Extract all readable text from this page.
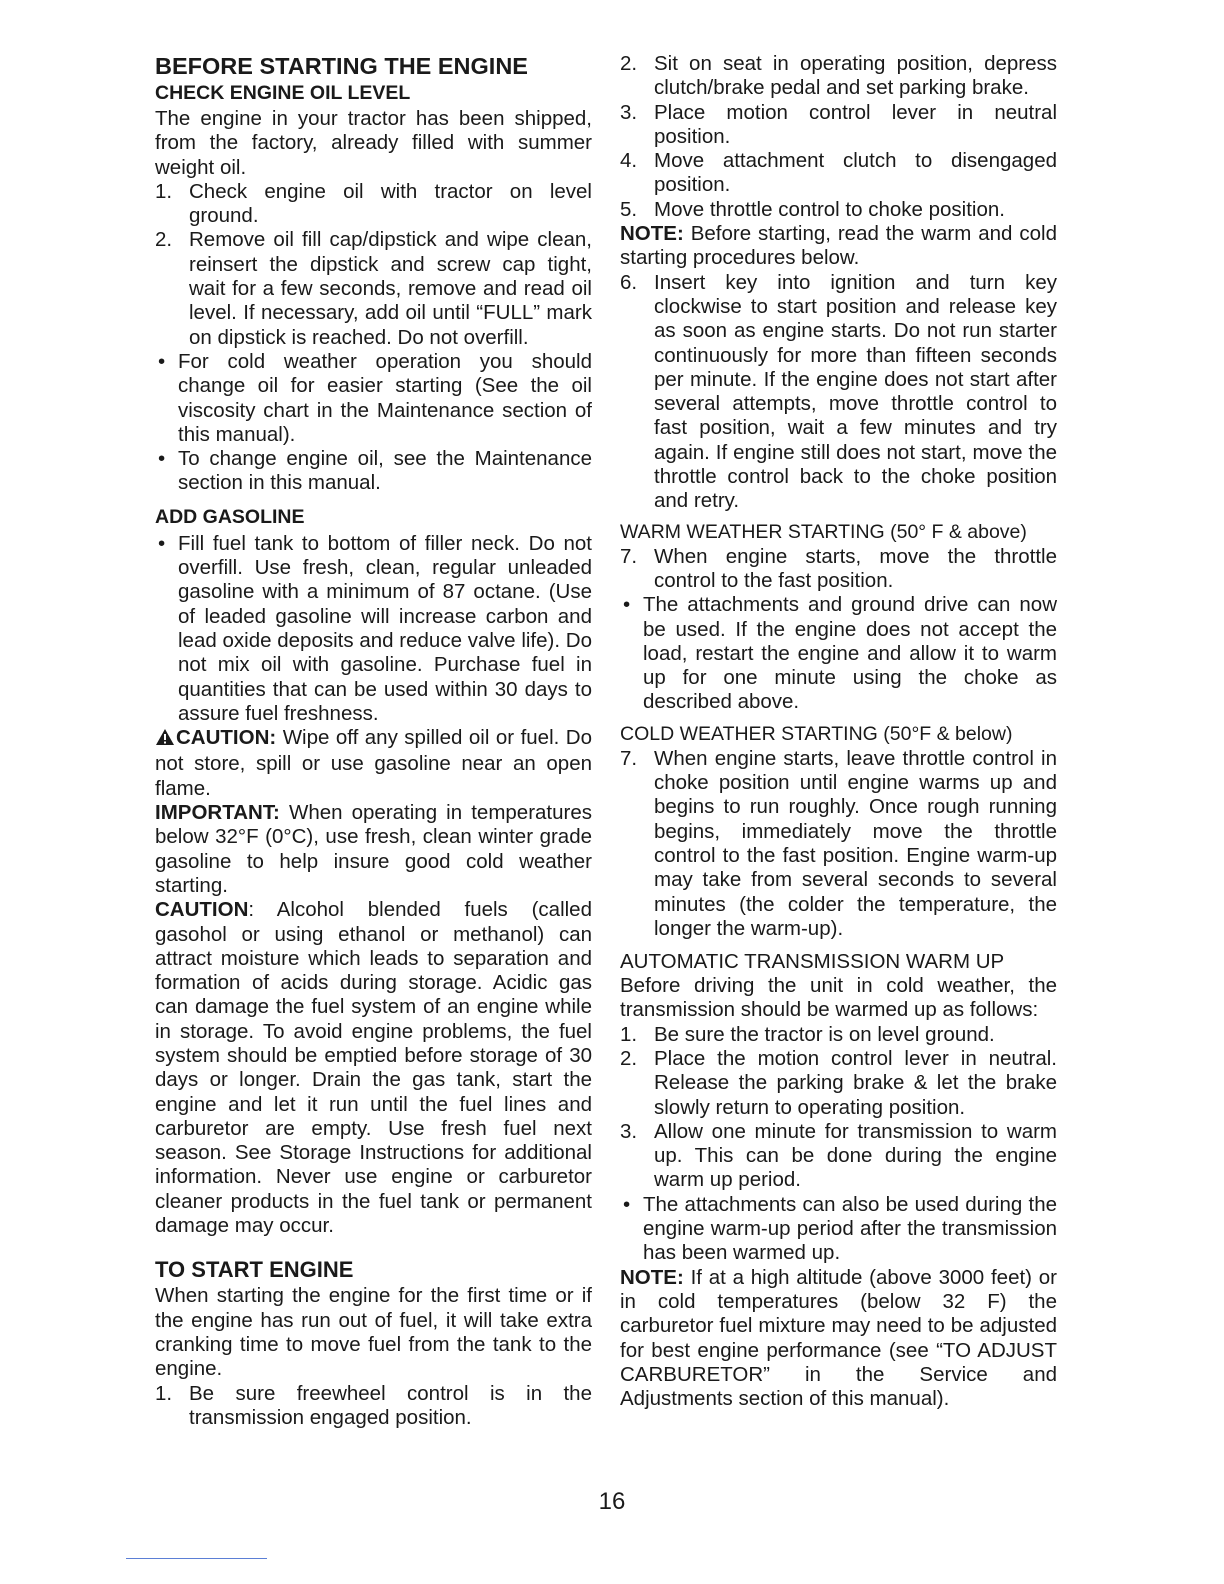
BEFORE STARTING THE ENGINE
CHECK ENGINE OIL LEVEL
The engine in your tractor has been shipped, from the factory, already filled with summer weight oil.
1. Check engine oil with tractor on level ground.
2. Remove oil fill cap/dipstick and wipe clean, reinsert the dipstick and screw cap tight, wait for a few seconds, remove and read oil level. If necessary, add oil until “FULL” mark on dipstick is reached. Do not overfill.
• For cold weather operation you should change oil for easier starting (See the oil viscosity chart in the Maintenance section of this manual).
• To change engine oil, see the Maintenance section in this manual.
ADD GASOLINE
• Fill fuel tank to bottom of filler neck. Do not overfill. Use fresh, clean, regular unleaded gasoline with a minimum of 87 octane. (Use of leaded gasoline will increase carbon and lead oxide deposits and reduce valve life). Do not mix oil with gasoline. Purchase fuel in quantities that can be used within 30 days to assure fuel freshness.
CAUTION: Wipe off any spilled oil or fuel. Do not store, spill or use gasoline near an open flame.
IMPORTANT: When operating in temperatures below 32°F (0°C), use fresh, clean winter grade gasoline to help insure good cold weather starting.
CAUTION: Alcohol blended fuels (called gasohol or using ethanol or methanol) can attract moisture which leads to separation and formation of acids during storage. Acidic gas can damage the fuel system of an engine while in storage. To avoid engine problems, the fuel system should be emptied before storage of 30 days or longer. Drain the gas tank, start the engine and let it run until the fuel lines and carburetor are empty. Use fresh fuel next season. See Storage Instructions for additional information. Never use engine or carburetor cleaner products in the fuel tank or permanent damage may occur.
TO START ENGINE
When starting the engine for the first time or if the engine has run out of fuel, it will take extra cranking time to move fuel from the tank to the engine.
1. Be sure freewheel control is in the transmission engaged position.
2. Sit on seat in operating position, depress clutch/brake pedal and set parking brake.
3. Place motion control lever in neutral position.
4. Move attachment clutch to disengaged position.
5. Move throttle control to choke position.
NOTE: Before starting, read the warm and cold starting procedures below.
6. Insert key into ignition and turn key clockwise to start position and release key as soon as engine starts. Do not run starter continuously for more than fifteen seconds per minute. If the engine does not start after several attempts, move throttle control to fast position, wait a few minutes and try again. If engine still does not start, move the throttle control back to the choke position and retry.
WARM WEATHER STARTING (50° F & above)
7. When engine starts, move the throttle control to the fast position.
• The attachments and ground drive can now be used. If the engine does not accept the load, restart the engine and allow it to warm up for one minute using the choke as described above.
COLD WEATHER STARTING (50°F & below)
7. When engine starts, leave throttle control in choke position until engine warms up and begins to run roughly. Once rough running begins, immediately move the throttle control to the fast position. Engine warm-up may take from several seconds to several minutes (the colder the temperature, the longer the warm-up).
AUTOMATIC TRANSMISSION WARM UP
Before driving the unit in cold weather, the transmission should be warmed up as follows:
1. Be sure the tractor is on level ground.
2. Place the motion control lever in neutral. Release the parking brake & let the brake slowly return to operating position.
3. Allow one minute for transmission to warm up. This can be done during the engine warm up period.
• The attachments can also be used during the engine warm-up period after the transmission has been warmed up.
NOTE: If at a high altitude (above 3000 feet) or in cold temperatures (below 32 F) the carburetor fuel mixture may need to be adjusted for best engine performance (see “TO ADJUST CARBURETOR” in the Service and Adjustments section of this manual).
16
